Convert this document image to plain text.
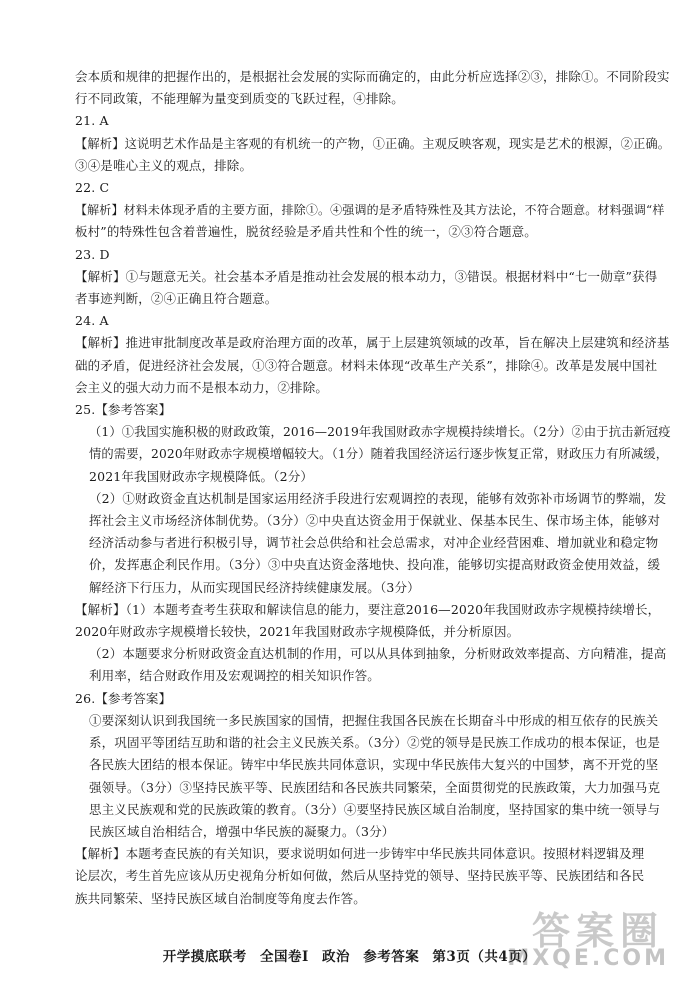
会本质和规律的把握作出的，是根据社会发展的实际而确定的，由此分析应选择②③，排除①。不同阶段实
行不同政策，不能理解为量变到质变的飞跃过程，④排除。
21. A
【解析】这说明艺术作品是主客观的有机统一的产物，①正确。主观反映客观，现实是艺术的根源，②正确。
③④是唯心主义的观点，排除。
22. C
【解析】材料未体现矛盾的主要方面，排除①。④强调的是矛盾特殊性及其方法论，不符合题意。材料强调“样
板村”的特殊性包含着普遍性，脱贫经验是矛盾共性和个性的统一，②③符合题意。
23. D
【解析】①与题意无关。社会基本矛盾是推动社会发展的根本动力，③错误。根据材料中“七一勋章”获得
者事迹判断，②④正确且符合题意。
24. A
【解析】推进审批制度改革是政府治理方面的改革，属于上层建筑领域的改革，旨在解决上层建筑和经济基
础的矛盾，促进经济社会发展，①③符合题意。材料未体现“改革生产关系”，排除④。改革是发展中国社
会主义的强大动力而不是根本动力，②排除。
25.【参考答案】
（1）①我国实施积极的财政政策，2016—2019年我国财政赤字规模持续增长。（2分）②由于抗击新冠疫
情的需要，2020年财政赤字规模增幅较大。（1分）随着我国经济运行逐步恢复正常，财政压力有所减缓，
2021年我国财政赤字规模降低。（2分）
（2）①财政资金直达机制是国家运用经济手段进行宏观调控的表现，能够有效弥补市场调节的弊端，发
挥社会主义市场经济体制优势。（3分）②中央直达资金用于保就业、保基本民生、保市场主体，能够对
经济活动参与者进行积极引导，调节社会总供给和社会总需求，对冲企业经营困难、增加就业和稳定物
价，发挥惠企利民作用。（3分）③中央直达资金落地快、投向准，能够切实提高财政资金使用效益，缓
解经济下行压力，从而实现国民经济持续健康发展。（3分）
【解析】（1）本题考查考生获取和解读信息的能力，要注意2016—2020年我国财政赤字规模持续增长，
2020年财政赤字规模增长较快，2021年我国财政赤字规模降低，并分析原因。
（2）本题要求分析财政资金直达机制的作用，可以从具体到抽象，分析财政效率提高、方向精准，提高
利用率，结合财政作用及宏观调控的相关知识作答。
26.【参考答案】
①要深刻认识到我国统一多民族国家的国情，把握住我国各民族在长期奋斗中形成的相互依存的民族关
系，巩固平等团结互助和谐的社会主义民族关系。（3分）②党的领导是民族工作成功的根本保证，也是
各民族大团结的根本保证。铸牢中华民族共同体意识，实现中华民族伟大复兴的中国梦，离不开党的坚
强领导。（3分）③坚持民族平等、民族团结和各民族共同繁荣，全面贯彻党的民族政策，大力加强马克
思主义民族观和党的民族政策的教育。（3分）④要坚持民族区域自治制度，坚持国家的集中统一领导与
民族区域自治相结合，增强中华民族的凝聚力。（3分）
【解析】本题考查民族的有关知识，要求说明如何进一步铸牢中华民族共同体意识。按照材料逻辑及理
论层次，考生首先应该从历史视角分析如何做，然后从坚持党的领导、坚持民族平等、民族团结和各民
族共同繁荣、坚持民族区域自治制度等角度去作答。
开学摸底联考 全国卷Ⅰ 政治 参考答案 第3页（共4页）
答案圈
MXQE.COM
